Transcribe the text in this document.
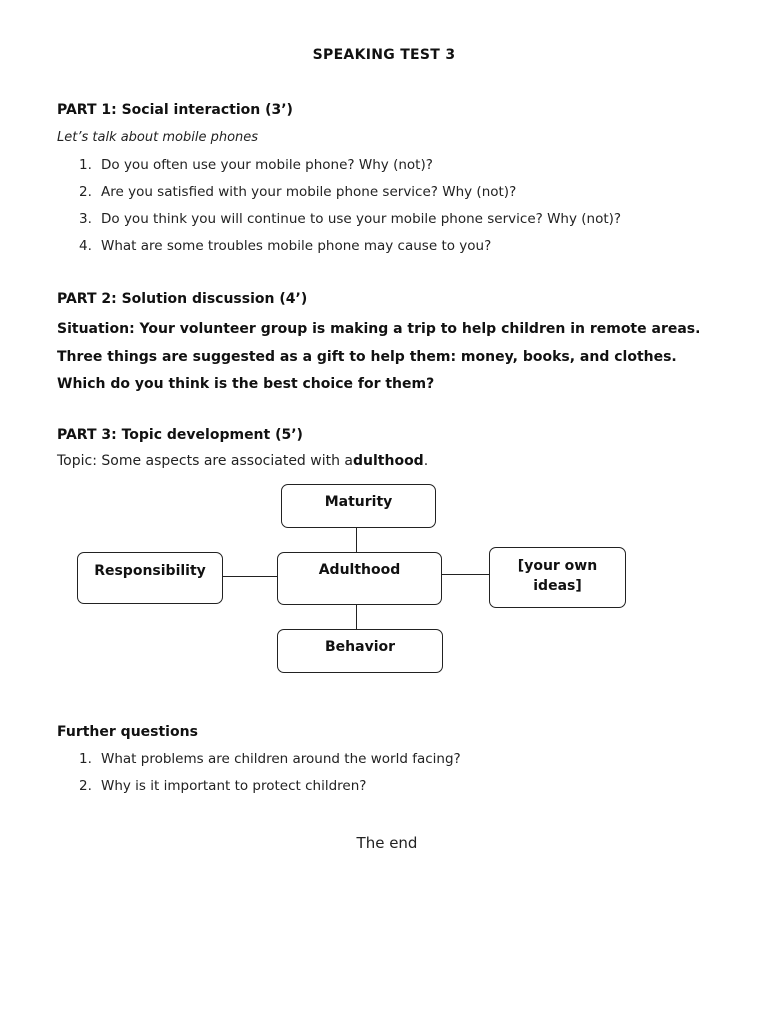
SPEAKING TEST 3
PART 1: Social interaction (3’)
Let’s talk about mobile phones
1. Do you often use your mobile phone? Why (not)?
2. Are you satisfied with your mobile phone service? Why (not)?
3. Do you think you will continue to use your mobile phone service? Why (not)?
4. What are some troubles mobile phone may cause to you?
PART 2: Solution discussion (4’)
Situation: Your volunteer group is making a trip to help children in remote areas. Three things are suggested as a gift to help them: money, books, and clothes. Which do you think is the best choice for them?
PART 3: Topic development (5’)
Topic: Some aspects are associated with adulthood.
Maturity
Adulthood
Responsibility	[your own ideas]
Behavior
Further questions
1. What problems are children around the world facing?
2. Why is it important to protect children?
The end
